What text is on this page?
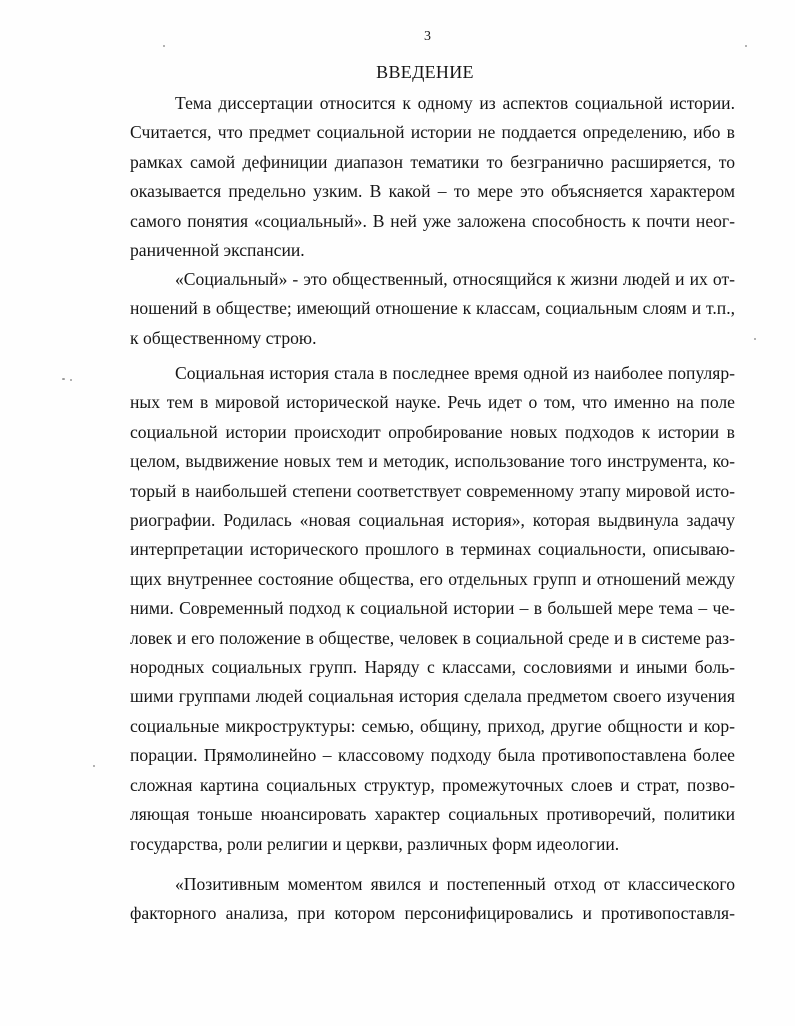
3
ВВЕДЕНИЕ
Тема диссертации относится к одному из аспектов социальной истории.
Считается, что предмет социальной истории не поддается определению, ибо в
рамках самой дефиниции диапазон тематики то безгранично расширяется, то
оказывается предельно узким. В какой – то мере это объясняется характером
самого понятия «социальный». В ней уже заложена способность к почти неог-
раниченной экспансии.
«Социальный» - это общественный, относящийся к жизни людей и их от-
ношений в обществе; имеющий отношение к классам, социальным слоям и т.п.,
к общественному строю.
Социальная история стала в последнее время одной из наиболее популяр-
ных тем в мировой исторической науке. Речь идет о том, что именно на поле
социальной истории происходит опробирование новых подходов к истории в
целом, выдвижение новых тем и методик, использование того инструмента, ко-
торый в наибольшей степени соответствует современному этапу мировой исто-
риографии. Родилась «новая социальная история», которая выдвинула задачу
интерпретации исторического прошлого в терминах социальности, описываю-
щих внутреннее состояние общества, его отдельных групп и отношений между
ними. Современный подход к социальной истории – в большей мере тема – че-
ловек и его положение в обществе, человек в социальной среде и в системе раз-
нородных социальных групп. Наряду с классами, сословиями и иными боль-
шими группами людей социальная история сделала предметом своего изучения
социальные микроструктуры: семью, общину, приход, другие общности и кор-
порации. Прямолинейно – классовому подходу была противопоставлена более
сложная картина социальных структур, промежуточных слоев и страт, позво-
ляющая тоньше нюансировать характер социальных противоречий, политики
государства, роли религии и церкви, различных форм идеологии.
«Позитивным моментом явился и постепенный отход от классического
факторного анализа, при котором персонифицировались и противопоставля-
